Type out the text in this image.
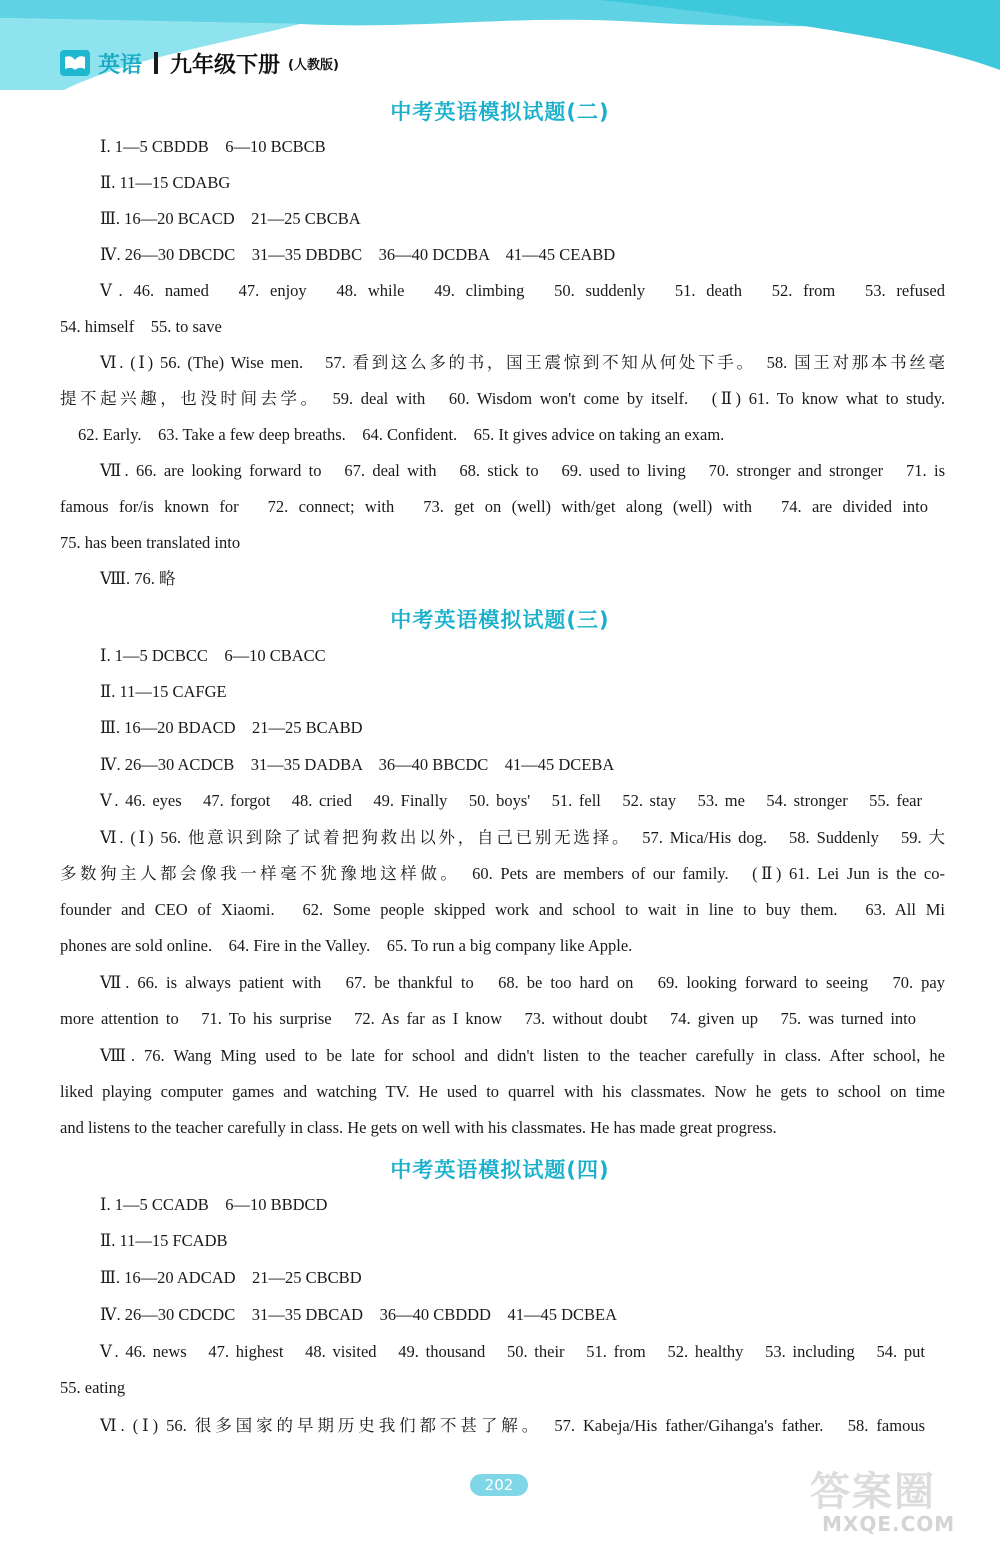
英语 九年级下册 (人教版)
中考英语模拟试题(二)
Ⅰ. 1—5 CBDDB　6—10 BCBCB
Ⅱ. 11—15 CDABG
Ⅲ. 16—20 BCACD　21—25 CBCBA
Ⅳ. 26—30 DBCDC　31—35 DBDBC　36—40 DCDBA　41—45 CEABD
Ⅴ. 46. named　47. enjoy　48. while　49. climbing　50. suddenly　51. death　52. from　53. refused
54. himself　55. to save
Ⅵ. (Ⅰ) 56. (The) Wise men.　57. 看到这么多的书，国王震惊到不知从何处下手。　58. 国王对那本书丝毫
提不起兴趣，也没时间去学。　59. deal with　60. Wisdom won't come by itself.　(Ⅱ) 61. To know what to study.
62. Early.　63. Take a few deep breaths.　64. Confident.　65. It gives advice on taking an exam.
Ⅶ. 66. are looking forward to　67. deal with　68. stick to　69. used to living　70. stronger and stronger　71. is
famous for/is known for　72. connect; with　73. get on (well) with/get along (well) with　74. are divided into
75. has been translated into
Ⅷ. 76. 略
中考英语模拟试题(三)
Ⅰ. 1—5 DCBCC　6—10 CBACC
Ⅱ. 11—15 CAFGE
Ⅲ. 16—20 BDACD　21—25 BCABD
Ⅳ. 26—30 ACDCB　31—35 DADBA　36—40 BBCDC　41—45 DCEBA
Ⅴ. 46. eyes　47. forgot　48. cried　49. Finally　50. boys'　51. fell　52. stay　53. me　54. stronger　55. fear
Ⅵ. (Ⅰ) 56. 他意识到除了试着把狗救出以外，自己已别无选择。　57. Mica/His dog.　58. Suddenly　59. 大
多数狗主人都会像我一样毫不犹豫地这样做。　60. Pets are members of our family.　(Ⅱ) 61. Lei Jun is the co-
founder and CEO of Xiaomi.　62. Some people skipped work and school to wait in line to buy them.　63. All Mi
phones are sold online.　64. Fire in the Valley.　65. To run a big company like Apple.
Ⅶ. 66. is always patient with　67. be thankful to　68. be too hard on　69. looking forward to seeing　70. pay
more attention to　71. To his surprise　72. As far as I know　73. without doubt　74. given up　75. was turned into
Ⅷ. 76. Wang Ming used to be late for school and didn't listen to the teacher carefully in class. After school, he
liked playing computer games and watching TV. He used to quarrel with his classmates. Now he gets to school on time
and listens to the teacher carefully in class. He gets on well with his classmates. He has made great progress.
中考英语模拟试题(四)
Ⅰ. 1—5 CCADB　6—10 BBDCD
Ⅱ. 11—15 FCADB
Ⅲ. 16—20 ADCAD　21—25 CBCBD
Ⅳ. 26—30 CDCDC　31—35 DBCAD　36—40 CBDDD　41—45 DCBEA
Ⅴ. 46. news　47. highest　48. visited　49. thousand　50. their　51. from　52. healthy　53. including　54. put
55. eating
Ⅵ. (Ⅰ) 56. 很多国家的早期历史我们都不甚了解。　57. Kabeja/His father/Gihanga's father.　58. famous
202	答案圈
MXQE.COM
